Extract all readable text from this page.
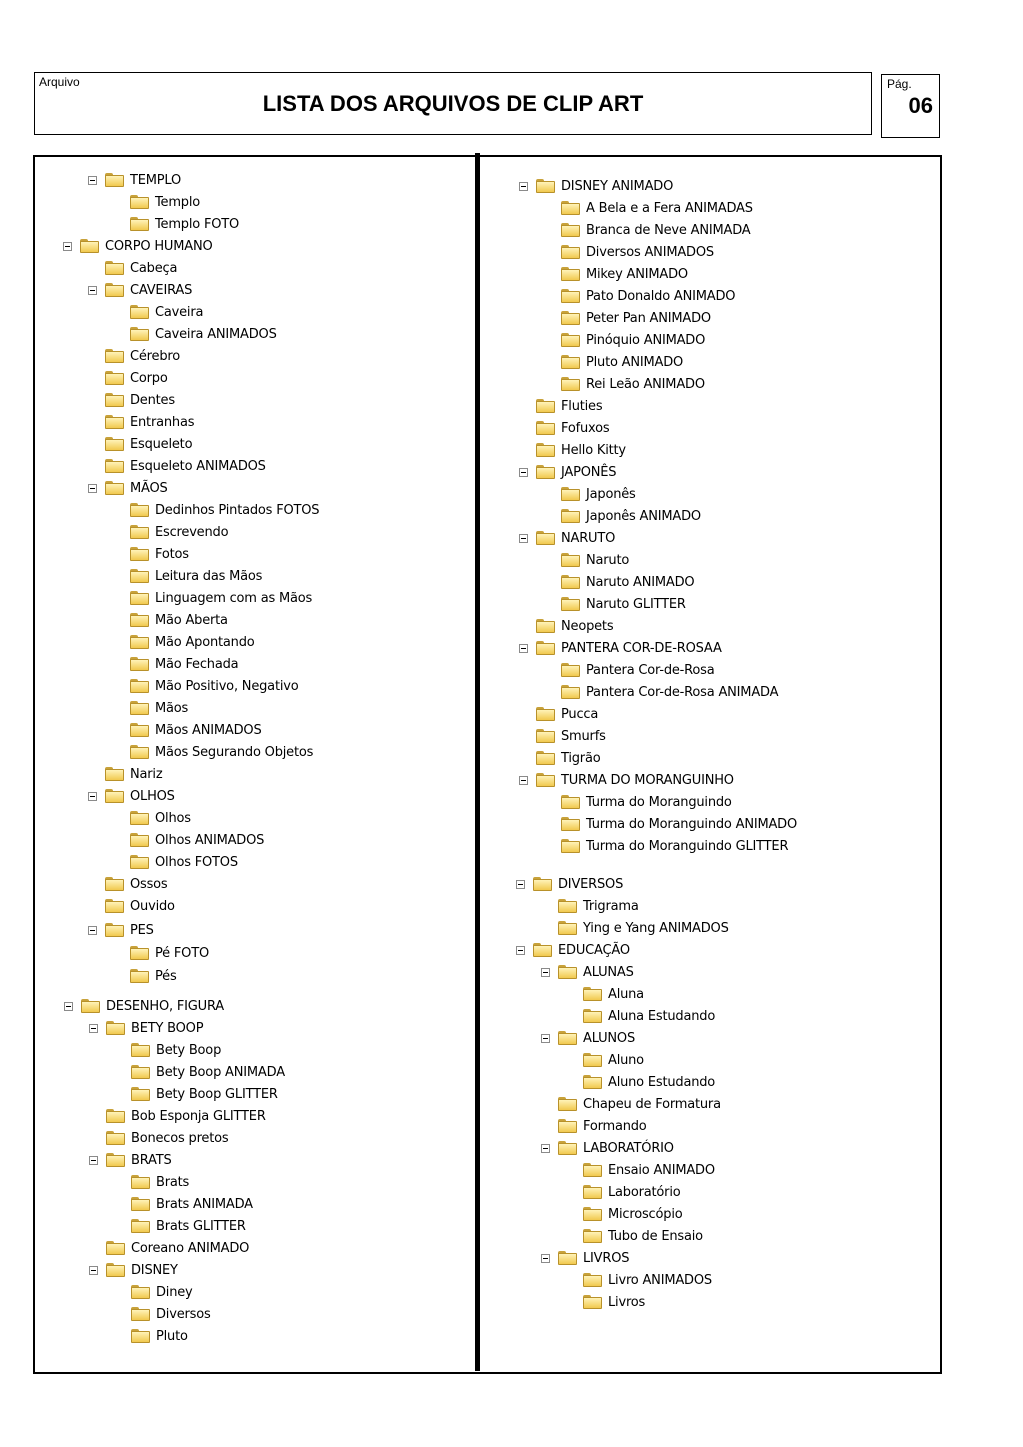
Arquivo
LISTA DOS ARQUIVOS DE CLIP ART
Pág.
06
TEMPLO
Templo
Templo FOTO
CORPO HUMANO
Cabeça
CAVEIRAS
Caveira
Caveira ANIMADOS
Cérebro
Corpo
Dentes
Entranhas
Esqueleto
Esqueleto ANIMADOS
MÃOS
Dedinhos Pintados FOTOS
Escrevendo
Fotos
Leitura das Mãos
Linguagem com as Mãos
Mão Aberta
Mão Apontando
Mão Fechada
Mão Positivo, Negativo
Mãos
Mãos ANIMADOS
Mãos Segurando Objetos
Nariz
OLHOS
Olhos
Olhos ANIMADOS
Olhos FOTOS
Ossos
Ouvido
PES
Pé FOTO
Pés
DESENHO, FIGURA
BETY BOOP
Bety Boop
Bety Boop ANIMADA
Bety Boop GLITTER
Bob Esponja GLITTER
Bonecos pretos
BRATS
Brats
Brats ANIMADA
Brats GLITTER
Coreano ANIMADO
DISNEY
Diney
Diversos
Pluto
DISNEY ANIMADO
A Bela e a Fera ANIMADAS
Branca de Neve ANIMADA
Diversos ANIMADOS
Mikey ANIMADO
Pato Donaldo ANIMADO
Peter Pan ANIMADO
Pinóquio ANIMADO
Pluto ANIMADO
Rei Leão ANIMADO
Fluties
Fofuxos
Hello Kitty
JAPONÊS
Japonês
Japonês ANIMADO
NARUTO
Naruto
Naruto ANIMADO
Naruto GLITTER
Neopets
PANTERA COR-DE-ROSAA
Pantera Cor-de-Rosa
Pantera Cor-de-Rosa ANIMADA
Pucca
Smurfs
Tigrão
TURMA DO MORANGUINHO
Turma do Moranguindo
Turma do Moranguindo ANIMADO
Turma do Moranguindo GLITTER
DIVERSOS
Trigrama
Ying e Yang ANIMADOS
EDUCAÇÃO
ALUNAS
Aluna
Aluna Estudando
ALUNOS
Aluno
Aluno Estudando
Chapeu de Formatura
Formando
LABORATÓRIO
Ensaio ANIMADO
Laboratório
Microscópio
Tubo de Ensaio
LIVROS
Livro ANIMADOS
Livros
